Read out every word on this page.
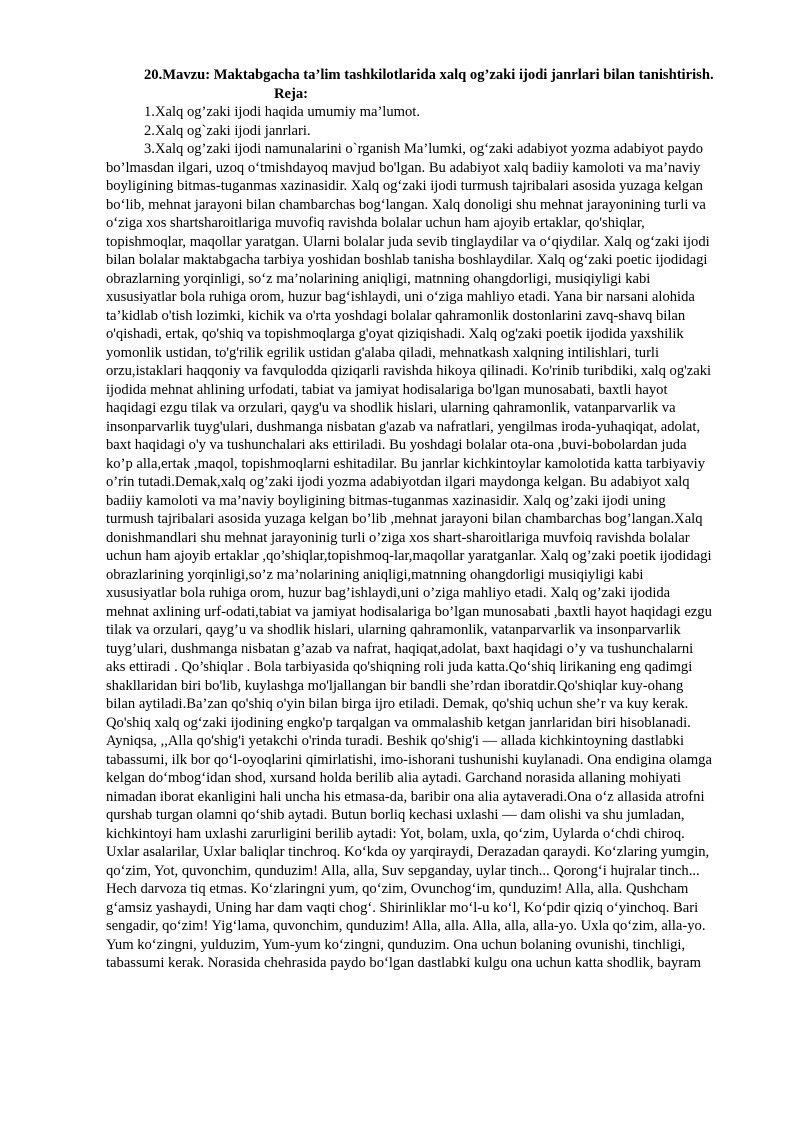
20.Mavzu: Maktabgacha ta’lim tashkilotlarida xalq og’zaki ijodi janrlari bilan tanishtirish.

Reja:

1.Xalq og’zaki ijodi haqida umumiy ma’lumot.

2.Xalq og`zaki ijodi janrlari.

3.Xalq og’zaki ijodi namunalarini o`rganish Ma’lumki, og‘zaki adabiyot yozma adabiyot paydo bo’lmasdan ilgari, uzoq o‘tmishdayoq mavjud bo'lgan. Bu adabiyot xalq badiiy kamoloti va ma’naviy boyligining bitmas-tuganmas xazinasidir. Xalq og‘zaki ijodi turmush tajribalari asosida yuzaga kelgan bo‘lib, mehnat jarayoni bilan chambarchas bog‘langan. Xalq donoligi shu mehnat jarayonining turli va o‘ziga xos shartsharoitlariga muvofiq ravishda bolalar uchun ham ajoyib ertaklar, qo'shiqlar, topishmoqlar, maqollar yaratgan. Ularni bolalar juda sevib tinglaydilar va o‘qiydilar. Xalq og‘zaki ijodi bilan bolalar maktabgacha tarbiya yoshidan boshlab tanisha boshlaydilar. Xalq og‘zaki poetic ijodidagi obrazlarning yorqinligi, so‘z ma’nolarining aniqligi, matnning ohangdorligi, musiqiyligi kabi xususiyatlar bola ruhiga orom, huzur bag‘ishlaydi, uni o‘ziga mahliyo etadi. Yana bir narsani alohida ta’kidlab o'tish lozimki, kichik va o'rta yoshdagi bolalar qahramonlik dostonlarini zavq-shavq bilan o'qishadi, ertak, qo'shiq va topishmoqlarga g'oyat qiziqishadi. Xalq og'zaki poetik ijodida yaxshilik yomonlik ustidan, to'g'rilik egrilik ustidan g'alaba qiladi, mehnatkash xalqning intilishlari, turli orzu,istaklari haqqoniy va favqulodda qiziqarli ravishda hikoya qilinadi. Ko'rinib turibdiki, xalq og'zaki ijodida mehnat ahlining urfodati, tabiat va jamiyat hodisalariga bo'lgan munosabati, baxtli hayot haqidagi ezgu tilak va orzulari, qayg'u va shodlik hislari, ularning qahramonlik, vatanparvarlik va insonparvarlik tuyg'ulari, dushmanga nisbatan g'azab va nafratlari, yengilmas iroda-yuhaqiqat, adolat, baxt haqidagi o'y va tushunchalari aks ettiriladi. Bu yoshdagi bolalar ota-ona ,buvi-bobolardan juda ko’p alla,ertak ,maqol, topishmoqlarni eshitadilar. Bu janrlar kichkintoylar kamolotida katta tarbiyaviy o’rin tutadi.Demak,xalq og’zaki ijodi yozma adabiyotdan ilgari maydonga kelgan. Bu adabiyot xalq badiiy kamoloti va ma’naviy boyligining bitmas-tuganmas xazinasidir. Xalq og’zaki ijodi uning turmush tajribalari asosida yuzaga kelgan bo’lib ,mehnat jarayoni bilan chambarchas bog’langan.Xalq donishmandlari shu mehnat jarayoninig turli o’ziga xos shart-sharoitlariga muvfoiq ravishda bolalar uchun ham ajoyib ertaklar ,qo’shiqlar,topishmoq-lar,maqollar yaratganlar. Xalq og’zaki poetik ijodidagi obrazlarining yorqinligi,so’z ma’nolarining aniqligi,matnning ohangdorligi musiqiyligi kabi xususiyatlar bola ruhiga orom, huzur bag’ishlaydi,uni o’ziga mahliyo etadi. Xalq og’zaki ijodida mehnat axlining urf-odati,tabiat va jamiyat hodisalariga bo’lgan munosabati ,baxtli hayot haqidagi ezgu tilak va orzulari, qayg’u va shodlik hislari, ularning qahramonlik, vatanparvarlik va insonparvarlik tuyg’ulari, dushmanga nisbatan g’azab va nafrat, haqiqat,adolat, baxt haqidagi o’y va tushunchalarni aks ettiradi . Qo’shiqlar . Bola tarbiyasida qo'shiqning roli juda katta.Qo‘shiq lirikaning eng qadimgi shakllaridan biri bo'lib, kuylashga mo'ljallangan bir bandli she’rdan iboratdir.Qo'shiqlar kuy-ohang bilan aytiladi.Ba’zan qo'shiq o'yin bilan birga ijro etiladi. Demak, qo'shiq uchun she’r va kuy kerak. Qo'shiq xalq og‘zaki ijodining engko'p tarqalgan va ommalashib ketgan janrlaridan biri hisoblanadi. Ayniqsa, ,,Alla qo'shig'i yetakchi o'rinda turadi. Beshik qo'shig'i — allada kichkintoyning dastlabki tabassumi, ilk bor qo‘l-oyoqlarini qimirlatishi, imo-ishorani tushunishi kuylanadi. Ona endigina olamga kelgan do‘mbog‘idan shod, xursand holda berilib alia aytadi. Garchand norasida allaning mohiyati nimadan iborat ekanligini hali uncha his etmasa-da, baribir ona alia aytaveradi.Ona o‘z allasida atrofni qurshab turgan olamni qo‘shib aytadi. Butun borliq kechasi uxlashi — dam olishi va shu jumladan, kichkintoyi ham uxlashi zarurligini berilib aytadi: Yot, bolam, uxla, qo‘zim, Uylarda o‘chdi chiroq. Uxlar asalarilar, Uxlar baliqlar tinchroq. Ko‘kda oy yarqiraydi, Derazadan qaraydi. Ko‘zlaring yumgin, qo‘zim, Yot, quvonchim, qunduzim! Alla, alla, Suv sepganday, uylar tinch... Qorong‘i hujralar tinch... Hech darvoza tiq etmas. Ko‘zlaringni yum, qo‘zim, Ovunchog‘im, qunduzim! Alla, alla. Qushcham g‘amsiz yashaydi, Uning har dam vaqti chog‘. Shirinliklar mo‘l-u ko‘l, Ko‘pdir qiziq o‘yinchoq. Bari sengadir, qo‘zim! Yig‘lama, quvonchim, qunduzim! Alla, alla. Alla, alla, alla-yo. Uxla qo‘zim, alla-yo. Yum ko‘zingni, yulduzim, Yum-yum ko‘zingni, qunduzim. Ona uchun bolaning ovunishi, tinchligi, tabassumi kerak. Norasida chehrasida paydo bo‘lgan dastlabki kulgu ona uchun katta shodlik, bayram
